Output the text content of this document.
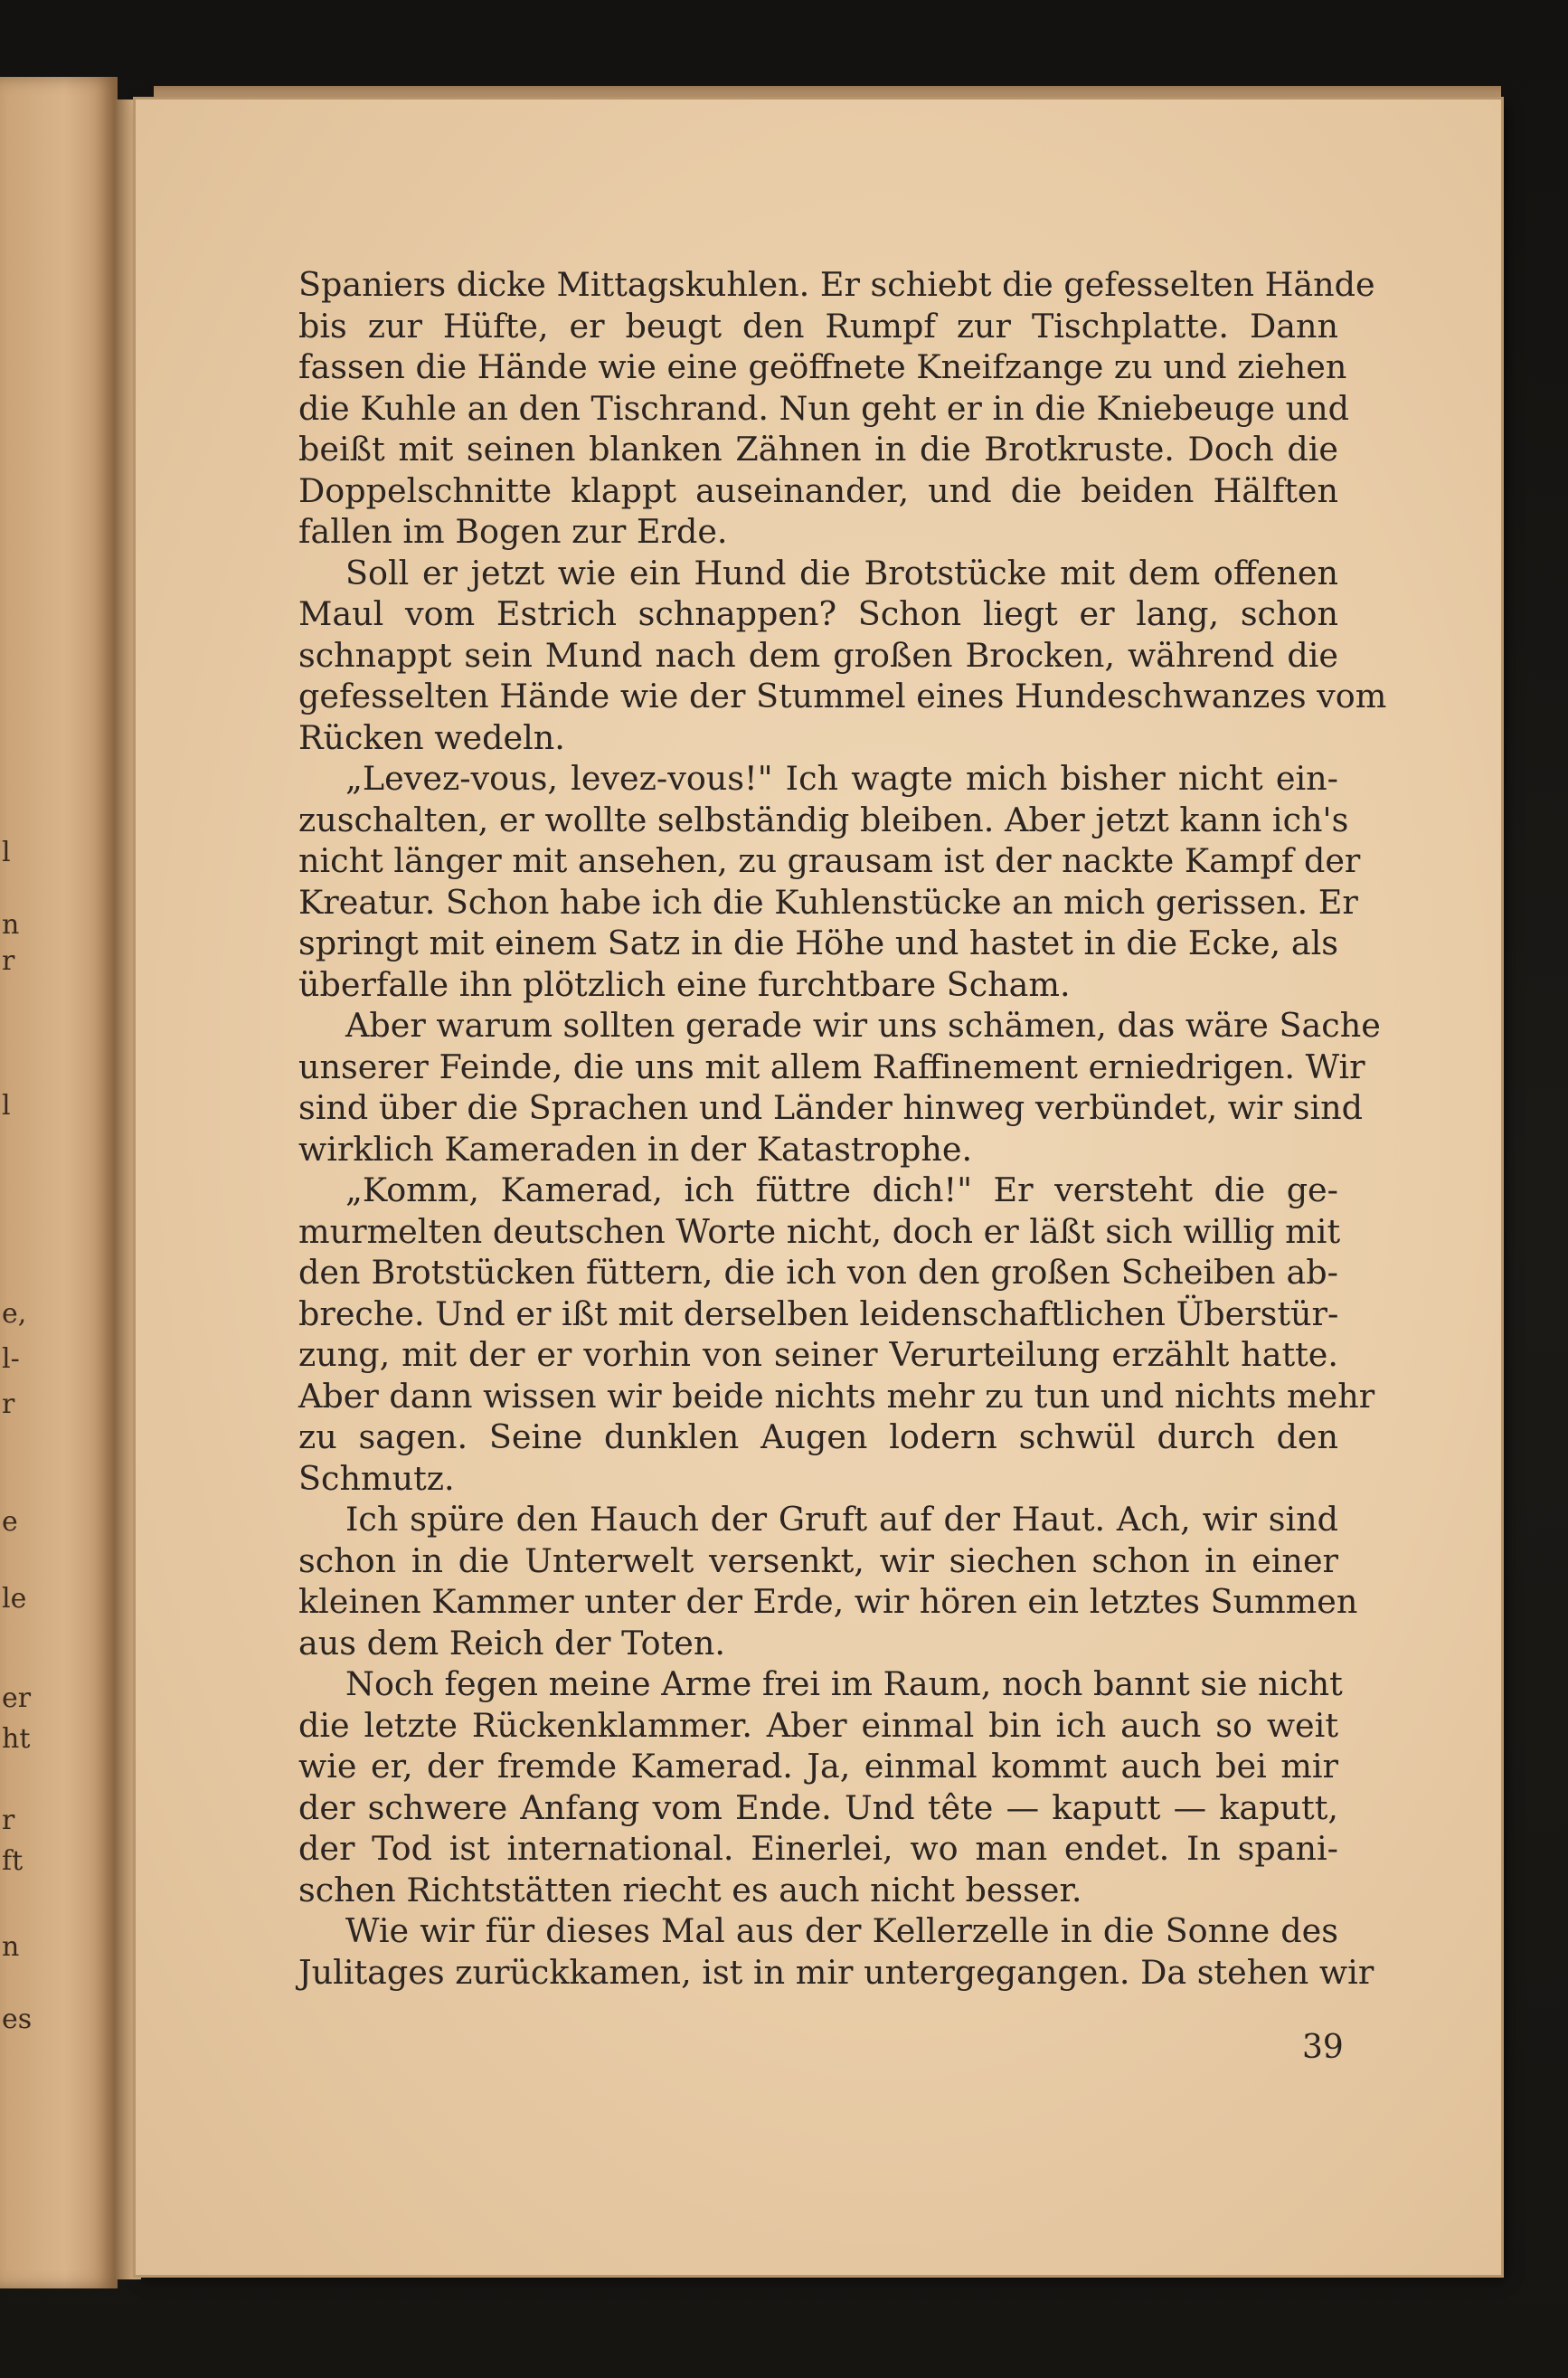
l
n
r
l
e,
l-
r
e
le
er
ht
r
ft
n
es
Spaniers dicke Mittagskuhlen. Er schiebt die gefesselten Hände
bis zur Hüfte, er beugt den Rumpf zur Tischplatte. Dann
fassen die Hände wie eine geöffnete Kneifzange zu und ziehen
die Kuhle an den Tischrand. Nun geht er in die Kniebeuge und
beißt mit seinen blanken Zähnen in die Brotkruste. Doch die
Doppelschnitte klappt auseinander, und die beiden Hälften
fallen im Bogen zur Erde.
Soll er jetzt wie ein Hund die Brotstücke mit dem offenen
Maul vom Estrich schnappen? Schon liegt er lang, schon
schnappt sein Mund nach dem großen Brocken, während die
gefesselten Hände wie der Stummel eines Hundeschwanzes vom
Rücken wedeln.
„Levez-vous, levez-vous!" Ich wagte mich bisher nicht ein-
zuschalten, er wollte selbständig bleiben. Aber jetzt kann ich's
nicht länger mit ansehen, zu grausam ist der nackte Kampf der
Kreatur. Schon habe ich die Kuhlenstücke an mich gerissen. Er
springt mit einem Satz in die Höhe und hastet in die Ecke, als
überfalle ihn plötzlich eine furchtbare Scham.
Aber warum sollten gerade wir uns schämen, das wäre Sache
unserer Feinde, die uns mit allem Raffinement erniedrigen. Wir
sind über die Sprachen und Länder hinweg verbündet, wir sind
wirklich Kameraden in der Katastrophe.
„Komm, Kamerad, ich füttre dich!" Er versteht die ge-
murmelten deutschen Worte nicht, doch er läßt sich willig mit
den Brotstücken füttern, die ich von den großen Scheiben ab-
breche. Und er ißt mit derselben leidenschaftlichen Überstür-
zung, mit der er vorhin von seiner Verurteilung erzählt hatte.
Aber dann wissen wir beide nichts mehr zu tun und nichts mehr
zu sagen. Seine dunklen Augen lodern schwül durch den
Schmutz.
Ich spüre den Hauch der Gruft auf der Haut. Ach, wir sind
schon in die Unterwelt versenkt, wir siechen schon in einer
kleinen Kammer unter der Erde, wir hören ein letztes Summen
aus dem Reich der Toten.
Noch fegen meine Arme frei im Raum, noch bannt sie nicht
die letzte Rückenklammer. Aber einmal bin ich auch so weit
wie er, der fremde Kamerad. Ja, einmal kommt auch bei mir
der schwere Anfang vom Ende. Und tête — kaputt — kaputt,
der Tod ist international. Einerlei, wo man endet. In spani-
schen Richtstätten riecht es auch nicht besser.
Wie wir für dieses Mal aus der Kellerzelle in die Sonne des
Julitages zurückkamen, ist in mir untergegangen. Da stehen wir
39
